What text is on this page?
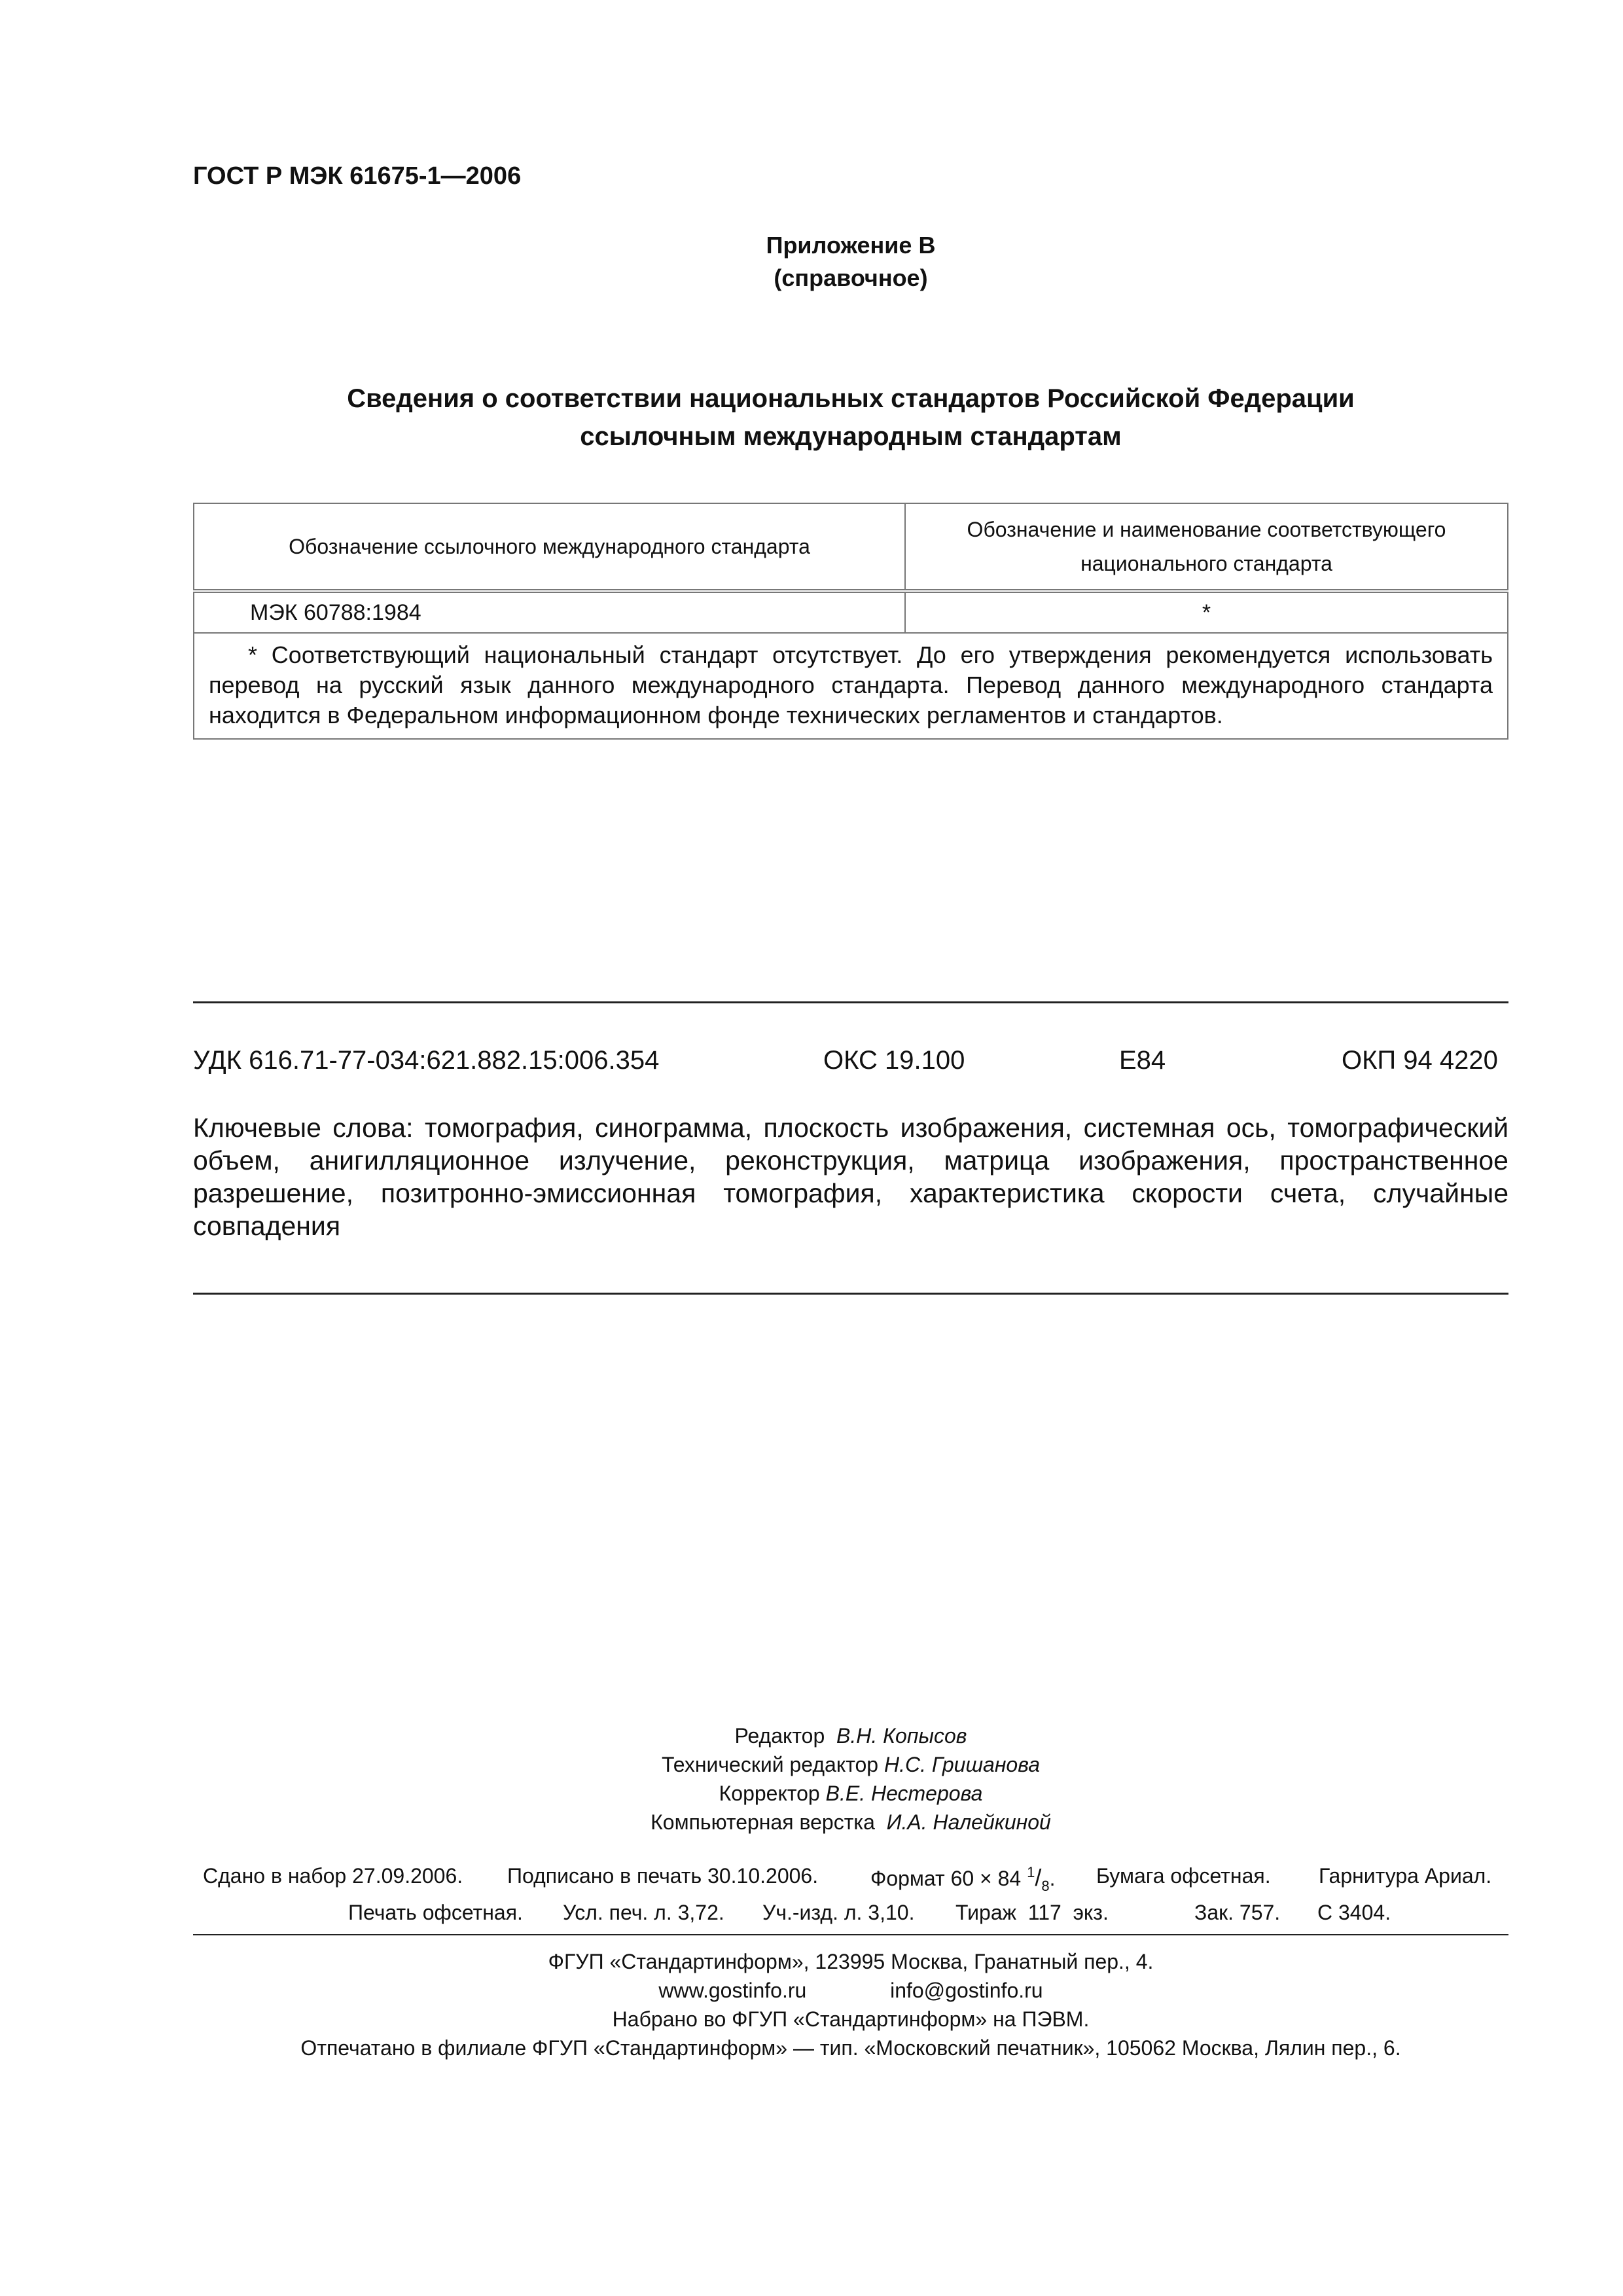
ГОСТ Р МЭК 61675-1—2006
Приложение В
(справочное)
Сведения о соответствии национальных стандартов Российской Федерации
ссылочным международным стандартам
Обозначение ссылочного международного стандарта	Обозначение и наименование соответствующего
национального стандарта

МЭК 60788:1984	*
* Соответствующий национальный стандарт отсутствует. До его утверждения рекомендуется использовать перевод на русский язык данного международного стандарта. Перевод данного международного стандарта находится в Федеральном информационном фонде технических регламентов и стандартов.	
УДК 616.71-77-034:621.882.15:006.354	ОКС 19.100	Е84	ОКП 94 4220
Ключевые слова: томография, синограмма, плоскость изображения, системная ось, томографический объем, анигилляционное излучение, реконструкция, матрица изображения, пространственное разрешение, позитронно-эмиссионная томография, характеристика скорости счета, случайные совпадения
Редактор В.Н. Копысов
Технический редактор Н.С. Гришанова
Корректор В.Е. Нестерова
Компьютерная верстка И.А. Налейкиной
Сдано в набор 27.09.2006. Подписано в печать 30.10.2006. Формат 60 × 84 $^1/_8$. Бумага офсетная. Гарнитура Ариал.
Печать офсетная. Усл. печ. л. 3,72. Уч.-изд. л. 3,10. Тираж  117  экз.	Зак. 757. С 3404.
ФГУП «Стандартинформ», 123995 Москва, Гранатный пер., 4.
www.gostinfo.ru	info@gostinfo.ru
Набрано во ФГУП «Стандартинформ» на ПЭВМ.
Отпечатано в филиале ФГУП «Стандартинформ» — тип. «Московский печатник», 105062 Москва, Лялин пер., 6.
